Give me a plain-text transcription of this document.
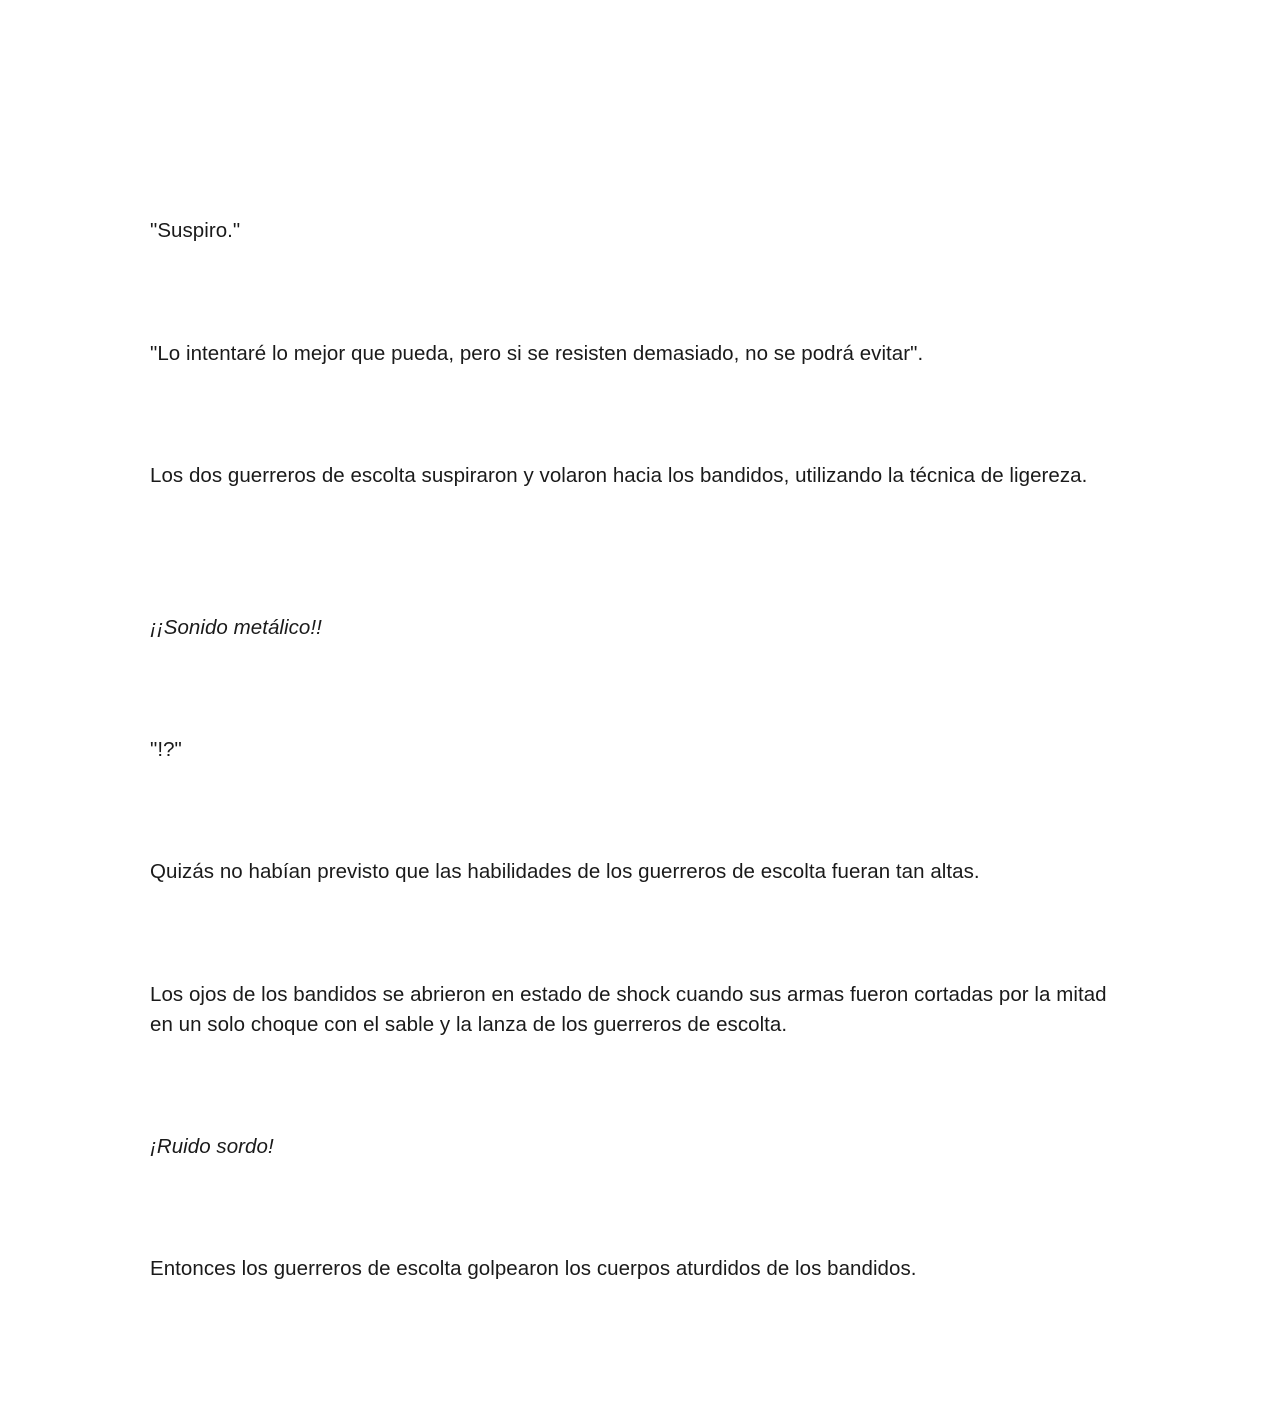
"Suspiro."

"Lo intentaré lo mejor que pueda, pero si se resisten demasiado, no se podrá evitar".

Los dos guerreros de escolta suspiraron y volaron hacia los bandidos, utilizando la técnica de ligereza.

¡¡Sonido metálico!!

"!?"

Quizás no habían previsto que las habilidades de los guerreros de escolta fueran tan altas.

Los ojos de los bandidos se abrieron en estado de shock cuando sus armas fueron cortadas por la mitad en un solo choque con el sable y la lanza de los guerreros de escolta.

¡Ruido sordo!

Entonces los guerreros de escolta golpearon los cuerpos aturdidos de los bandidos.
